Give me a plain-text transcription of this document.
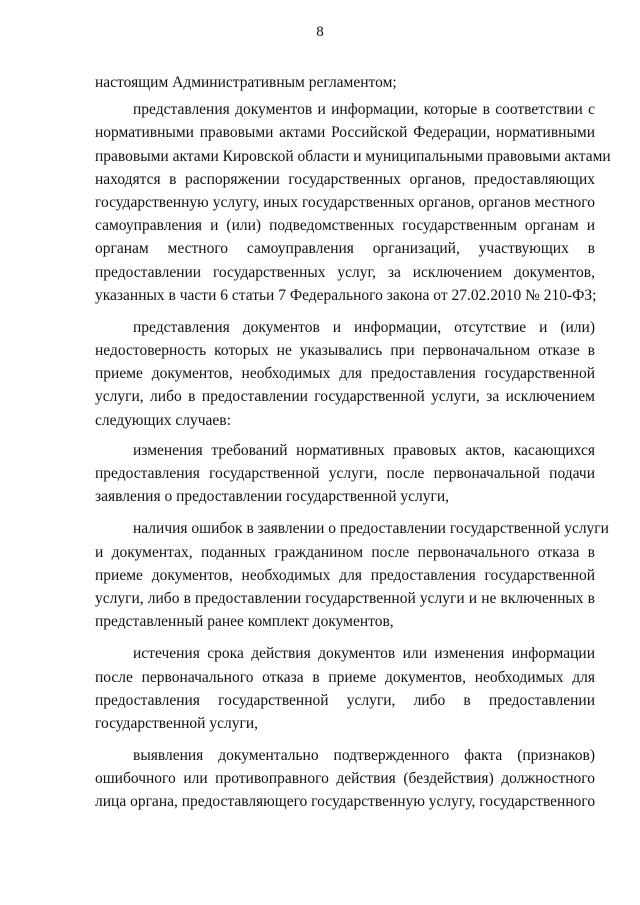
8
настоящим Административным регламентом;
представления документов и информации, которые в соответствии с
нормативными правовыми актами Российской Федерации, нормативными
правовыми актами Кировской области и муниципальными правовыми актами
находятся в распоряжении государственных органов, предоставляющих
государственную услугу, иных государственных органов, органов местного
самоуправления и (или) подведомственных государственным органам и
органам местного самоуправления организаций, участвующих в
предоставлении государственных услуг, за исключением документов,
указанных в части 6 статьи 7 Федерального закона от 27.02.2010 № 210-ФЗ;
представления документов и информации, отсутствие и (или)
недостоверность которых не указывались при первоначальном отказе в
приеме документов, необходимых для предоставления государственной
услуги, либо в предоставлении государственной услуги, за исключением
следующих случаев:
изменения требований нормативных правовых актов, касающихся
предоставления государственной услуги, после первоначальной подачи
заявления о предоставлении государственной услуги,
наличия ошибок в заявлении о предоставлении государственной услуги
и документах, поданных гражданином после первоначального отказа в
приеме документов, необходимых для предоставления государственной
услуги, либо в предоставлении государственной услуги и не включенных в
представленный ранее комплект документов,
истечения срока действия документов или изменения информации
после первоначального отказа в приеме документов, необходимых для
предоставления государственной услуги, либо в предоставлении
государственной услуги,
выявления документально подтвержденного факта (признаков)
ошибочного или противоправного действия (бездействия) должностного
лица органа, предоставляющего государственную услугу, государственного
